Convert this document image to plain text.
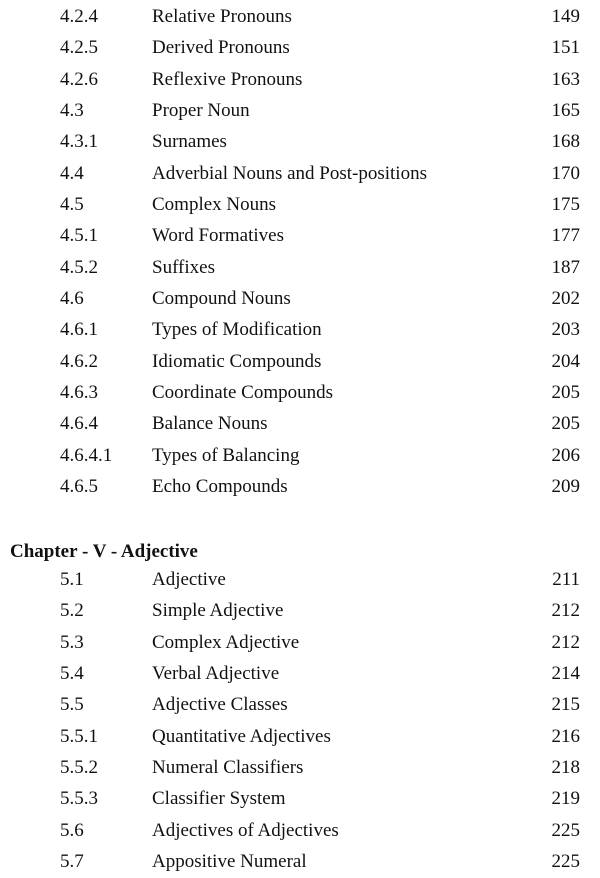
4.2.4	Relative Pronouns	149
4.2.5	Derived Pronouns	151
4.2.6	Reflexive Pronouns	163
4.3	Proper Noun	165
4.3.1	Surnames	168
4.4	Adverbial Nouns and Post-positions	170
4.5	Complex Nouns	175
4.5.1	Word Formatives	177
4.5.2	Suffixes	187
4.6	Compound Nouns	202
4.6.1	Types of Modification	203
4.6.2	Idiomatic Compounds	204
4.6.3	Coordinate Compounds	205
4.6.4	Balance Nouns	205
4.6.4.1 Types of Balancing	206
4.6.5	Echo Compounds	209
Chapter - V - Adjective
5.1	Adjective	211
5.2	Simple Adjective	212
5.3	Complex Adjective	212
5.4	Verbal Adjective	214
5.5	Adjective Classes	215
5.5.1	Quantitative Adjectives	216
5.5.2	Numeral Classifiers	218
5.5.3	Classifier System	219
5.6	Adjectives of Adjectives	225
5.7	Appositive Numeral	225
